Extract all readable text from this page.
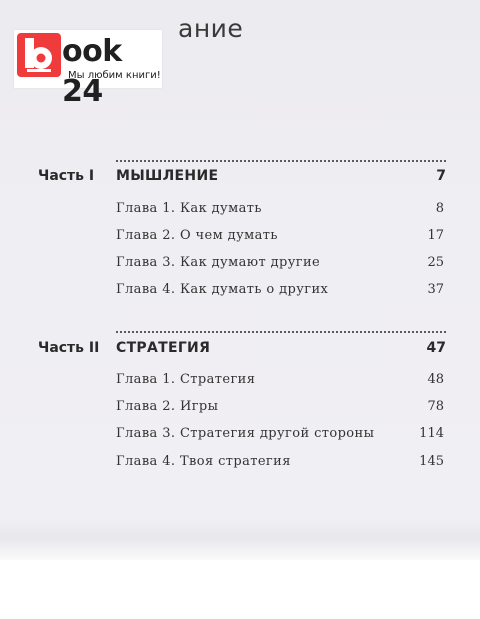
ание
ook 24
Мы любим книги!
Часть I МЫШЛЕНИЕ	7
Глава 1. Как думать	8
Глава 2. О чем думать	17
Глава 3. Как думают другие	25
Глава 4. Как думать о других	37
Часть II СТРАТЕГИЯ	47
Глава 1. Стратегия	48
Глава 2. Игры	78
Глава 3. Стратегия другой стороны	114
Глава 4. Твоя стратегия	145
